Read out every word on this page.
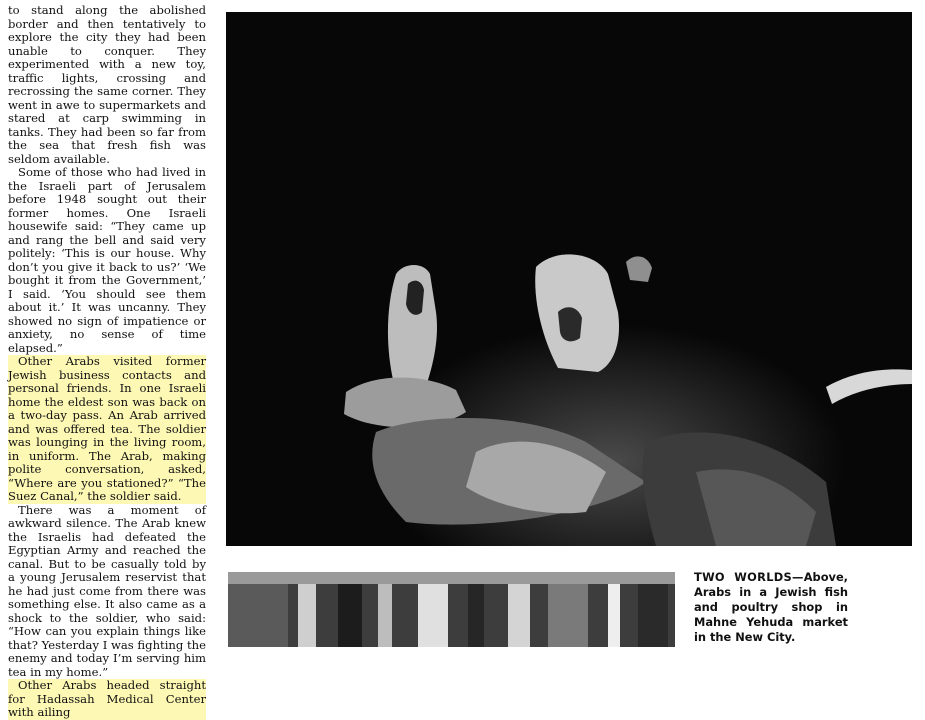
to stand along the abolished border and then tentatively to explore the city they had been unable to conquer. They experimented with a new toy, traffic lights, crossing and recrossing the same corner. They went in awe to supermarkets and stared at carp swimming in tanks. They had been so far from the sea that fresh fish was seldom available.

Some of those who had lived in the Israeli part of Jerusalem before 1948 sought out their former homes. One Israeli housewife said: “They came up and rang the bell and said very politely: ‘This is our house. Why don’t you give it back to us?’ ‘We bought it from the Government,’ I said. ‘You should see them about it.’ It was uncanny. They showed no sign of impatience or anxiety, no sense of time elapsed.”

Other Arabs visited former Jewish business contacts and personal friends. In one Israeli home the eldest son was back on a two-day pass. An Arab arrived and was offered tea. The soldier was lounging in the living room, in uniform. The Arab, making polite conversation, asked, “Where are you stationed?” “The Suez Canal,” the soldier said.

There was a moment of awkward silence. The Arab knew the Israelis had defeated the Egyptian Army and reached the canal. But to be casually told by a young Jerusalem reservist that he had just come from there was something else. It also came as a shock to the soldier, who said: “How can you explain things like that? Yesterday I was fighting the enemy and today I’m serving him tea in my home.”

Other Arabs headed straight for Hadassah Medical Center with ailing

TWO WORLDS—Above, Arabs in a Jewish fish and poultry shop in Mahne Yehuda market in the New City.
